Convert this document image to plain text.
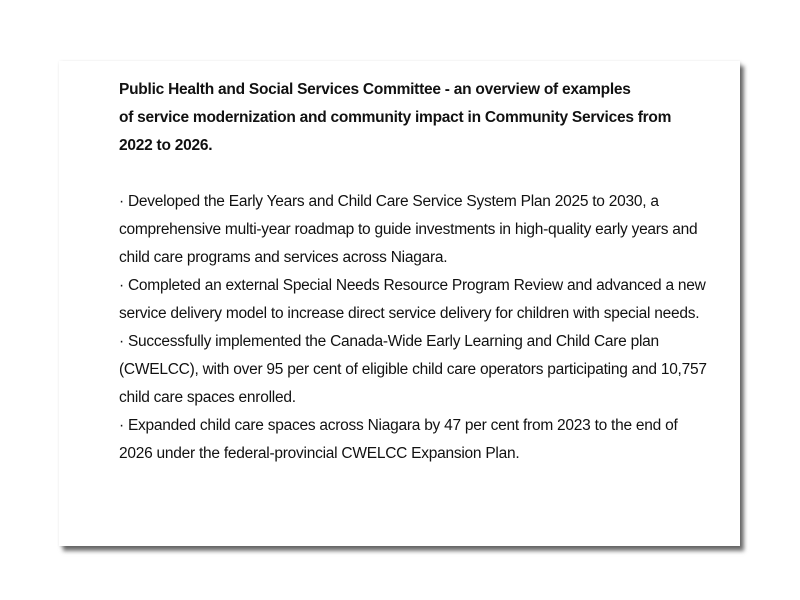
Public Health and Social Services Committee - an overview of examples
of service modernization and community impact in Community Services from
2022 to 2026.
· Developed the Early Years and Child Care Service System Plan 2025 to 2030, a comprehensive multi-year roadmap to guide investments in high-quality early years and child care programs and services across Niagara.
· Completed an external Special Needs Resource Program Review and advanced a new service delivery model to increase direct service delivery for children with special needs.
· Successfully implemented the Canada-Wide Early Learning and Child Care plan (CWELCC), with over 95 per cent of eligible child care operators participating and 10,757 child care spaces enrolled.
· Expanded child care spaces across Niagara by 47 per cent from 2023 to the end of 2026 under the federal-provincial CWELCC Expansion Plan.
